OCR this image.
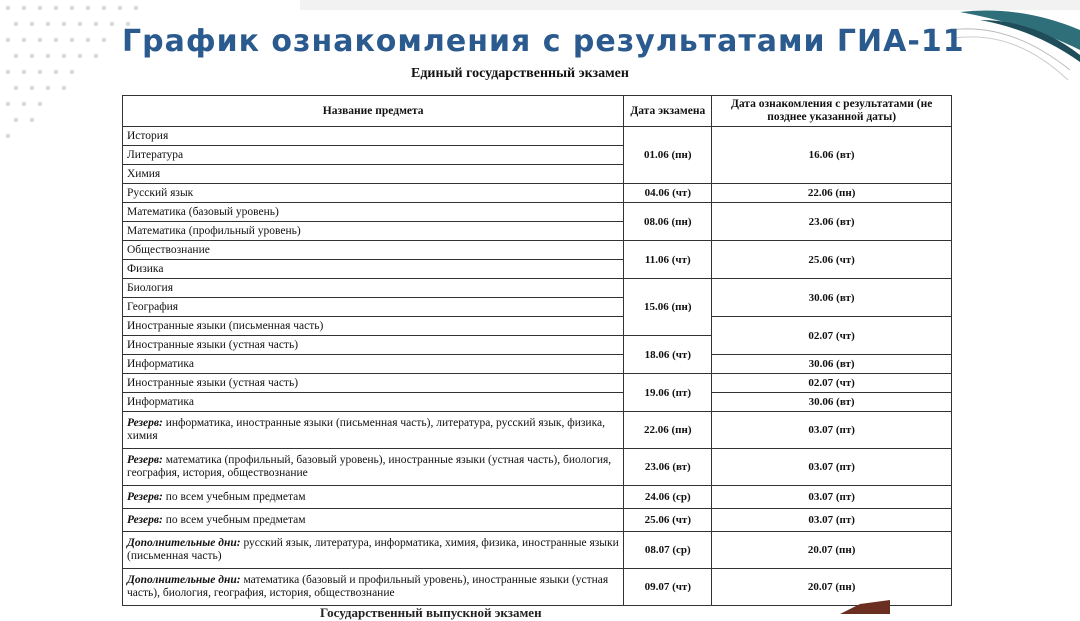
График ознакомления с результатами ГИА-11
Единый государственный экзамен
Название предмета	Дата экзамена	Дата ознакомления с результатами (не позднее указанной даты)
История	01.06 (пн)	16.06 (вт)
Литература		
Химия		
Русский язык	04.06 (чт)	22.06 (пн)
Математика (базовый уровень)	08.06 (пн)	23.06 (вт)
Математика (профильный уровень)		
Обществознание	11.06 (чт)	25.06 (чт)
Физика		
Биология	15.06 (пн)	30.06 (вт)
География		
Иностранные языки (письменная часть)		02.07 (чт)
Иностранные языки (устная часть)	18.06 (чт)	
Информатика		30.06 (вт)
Иностранные языки (устная часть)	19.06 (пт)	02.07 (чт)
Информатика		30.06 (вт)
Резерв: информатика, иностранные языки (письменная часть), литература, русский язык, физика, химия	22.06 (пн)	03.07 (пт)
Резерв: математика (профильный, базовый уровень), иностранные языки (устная часть), биология, география, история, обществознание	23.06 (вт)	03.07 (пт)
Резерв: по всем учебным предметам	24.06 (ср)	03.07 (пт)
Резерв: по всем учебным предметам	25.06 (чт)	03.07 (пт)
Дополнительные дни: русский язык, литература, информатика, химия, физика, иностранные языки (письменная часть)	08.07 (ср)	20.07 (пн)
Дополнительные дни: математика (базовый и профильный уровень), иностранные языки (устная часть), биология, география, история, обществознание	09.07 (чт)	20.07 (пн)
Государственный выпускной экзамен
